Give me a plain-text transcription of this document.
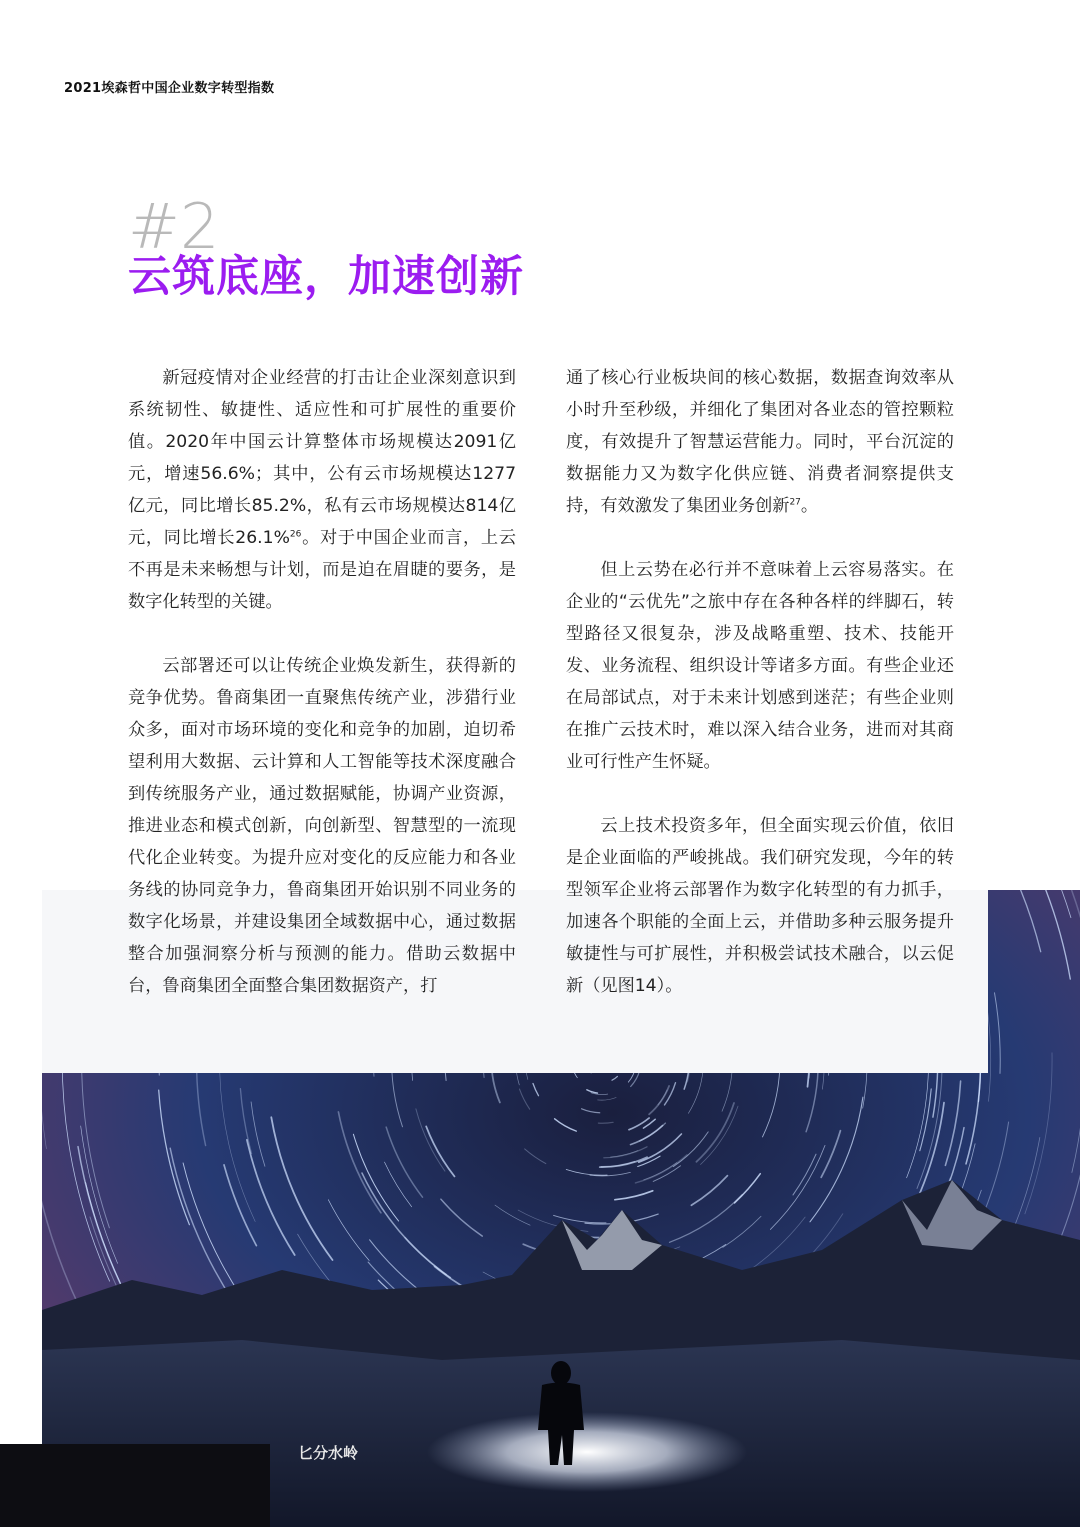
2021埃森哲中国企业数字转型指数
#2
云筑底座，加速创新

新冠疫情对企业经营的打击让企业深刻意识到系统韧性、敏捷性、适应性和可扩展性的重要价值。2020年中国云计算整体市场规模达2091亿元，增速56.6%；其中，公有云市场规模达1277亿元，同比增长85.2%，私有云市场规模达814亿元，同比增长26.1%$^{26}$。对于中国企业而言，上云不再是未来畅想与计划，而是迫在眉睫的要务，是数字化转型的关键。

云部署还可以让传统企业焕发新生，获得新的竞争优势。鲁商集团一直聚焦传统产业，涉猎行业众多，面对市场环境的变化和竞争的加剧，迫切希望利用大数据、云计算和人工智能等技术深度融合到传统服务产业，通过数据赋能，协调产业资源，推进业态和模式创新，向创新型、智慧型的一流现代化企业转变。为提升应对变化的反应能力和各业务线的协同竞争力，鲁商集团开始识别不同业务的数字化场景，并建设集团全域数据中心，通过数据整合加强洞察分析与预测的能力。借助云数据中台，鲁商集团全面整合集团数据资产，打

通了核心行业板块间的核心数据，数据查询效率从小时升至秒级，并细化了集团对各业态的管控颗粒度，有效提升了智慧运营能力。同时，平台沉淀的数据能力又为数字化供应链、消费者洞察提供支持，有效激发了集团业务创新$^{27}$。

但上云势在必行并不意味着上云容易落实。在企业的“云优先”之旅中存在各种各样的绊脚石，转型路径又很复杂，涉及战略重塑、技术、技能开发、业务流程、组织设计等诸多方面。有些企业还在局部试点，对于未来计划感到迷茫；有些企业则在推广云技术时，难以深入结合业务，进而对其商业可行性产生怀疑。

云上技术投资多年，但全面实现云价值，依旧是企业面临的严峻挑战。我们研究发现，今年的转型领军企业将云部署作为数字化转型的有力抓手，加速各个职能的全面上云，并借助多种云服务提升敏捷性与可扩展性，并积极尝试技术融合，以云促新（见图14）。

匕分水岭
